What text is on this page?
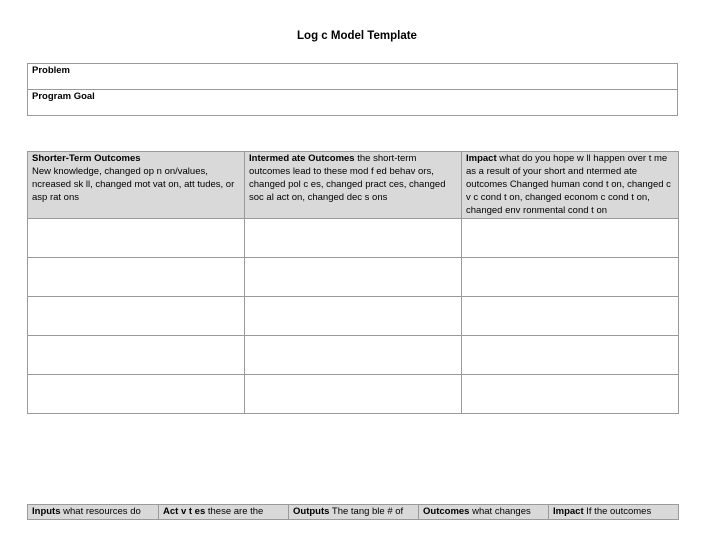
Log c Model Template
Problem
Program Goal
Shorter-Term Outcomes
New knowledge, changed op n on/values, ncreased sk ll, changed mot vat on, att tudes, or asp rat ons	Intermed ate Outcomes the short-term outcomes lead to these mod f ed behav ors, changed pol c es, changed pract ces, changed soc al act on, changed dec s ons	Impact what do you hope w ll happen over t me as a result of your short and ntermed ate outcomes Changed human cond t on, changed c v c cond t on, changed econom c cond t on, changed env ronmental cond t on

Inputs what resources do	Act v t es these are the	Outputs The tang ble # of	Outcomes what changes	Impact If the outcomes
